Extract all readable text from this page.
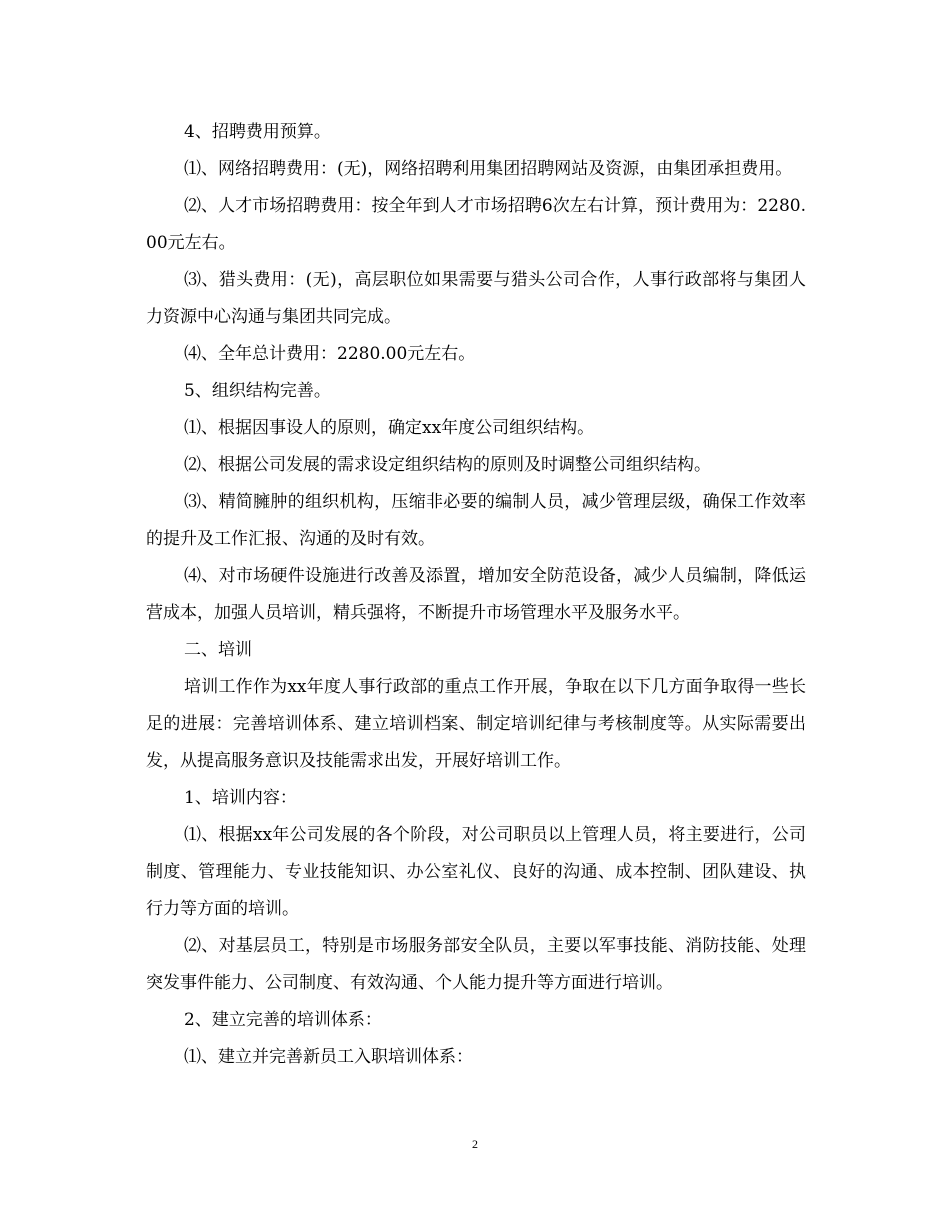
4、招聘费用预算。

⑴、网络招聘费用：(无)，网络招聘利用集团招聘网站及资源，由集团承担费用。

⑵、人才市场招聘费用：按全年到人才市场招聘6次左右计算，预计费用为：2280.00元左右。

⑶、猎头费用：(无)，高层职位如果需要与猎头公司合作，人事行政部将与集团人力资源中心沟通与集团共同完成。

⑷、全年总计费用：2280.00元左右。

5、组织结构完善。

⑴、根据因事设人的原则，确定xx年度公司组织结构。

⑵、根据公司发展的需求设定组织结构的原则及时调整公司组织结构。

⑶、精简臃肿的组织机构，压缩非必要的编制人员，减少管理层级，确保工作效率的提升及工作汇报、沟通的及时有效。

⑷、对市场硬件设施进行改善及添置，增加安全防范设备，减少人员编制，降低运营成本，加强人员培训，精兵强将，不断提升市场管理水平及服务水平。

二、培训

培训工作作为xx年度人事行政部的重点工作开展，争取在以下几方面争取得一些长足的进展：完善培训体系、建立培训档案、制定培训纪律与考核制度等。从实际需要出发，从提高服务意识及技能需求出发，开展好培训工作。

1、培训内容：

⑴、根据xx年公司发展的各个阶段，对公司职员以上管理人员，将主要进行，公司制度、管理能力、专业技能知识、办公室礼仪、良好的沟通、成本控制、团队建设、执行力等方面的培训。

⑵、对基层员工，特别是市场服务部安全队员，主要以军事技能、消防技能、处理突发事件能力、公司制度、有效沟通、个人能力提升等方面进行培训。

2、建立完善的培训体系：

⑴、建立并完善新员工入职培训体系：

2
